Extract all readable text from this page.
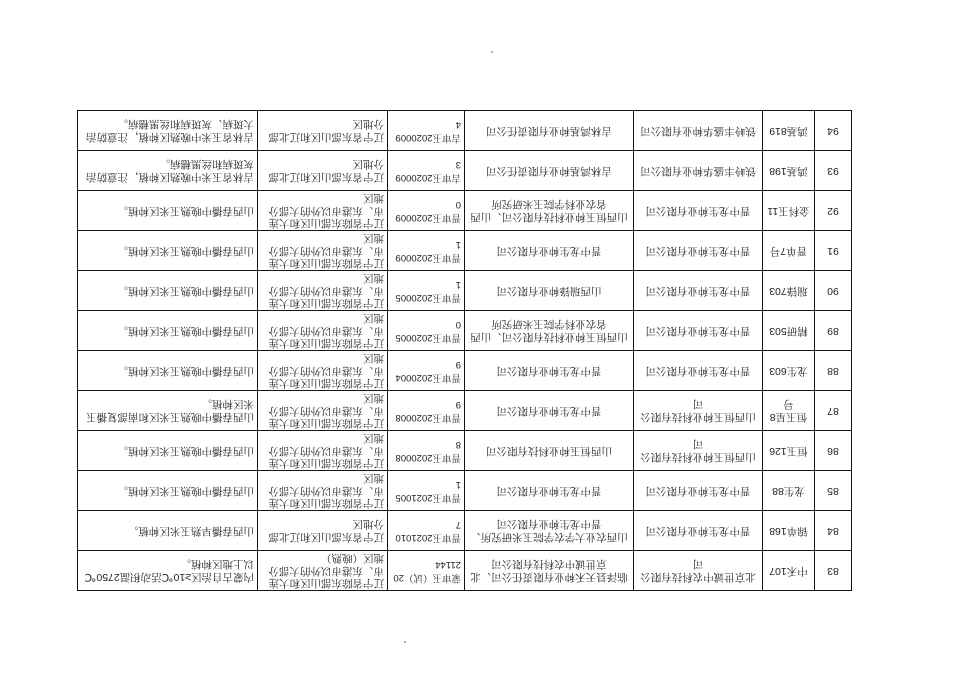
83	中禾107	北京世诚中农科技有限公司	临泽县天禾种业有限责任公司、北京世诚中农科技有限公司	蒙审玉（试）2021144	辽宁省除东部山区和大连市、东港市以外的大部分地区（晚熟）	内蒙古自治区≥10℃活动积温2750℃以上地区种植。
84	锦单168	晋中龙生种业有限公司	山西农业大学农学院玉米研究所、晋中龙生种业有限公司	晋审玉20210107	辽宁省东部山区和辽北部分地区	山西春播早熟玉米区种植。
85	龙生88	晋中龙生种业有限公司	晋中龙生种业有限公司	晋审玉20210051	辽宁省除东部山区和大连市、东港市以外的大部分地区	山西春播中晚熟玉米区种植。
86	恒玉126	山西恒玉种业科技有限公司	山西恒玉种业科技有限公司	晋审玉20200088	辽宁省除东部山区和大连市、东港市以外的大部分地区	山西春播中晚熟玉米区种植。
87	恒玉星8号	山西恒玉种业科技有限公司	晋中龙生种业有限公司	晋审玉20200089	辽宁省除东部山区和大连市、东港市以外的大部分地区	山西春播中晚熟玉米区和南部复播玉米区种植。
88	龙生603	晋中龙生种业有限公司	晋中龙生种业有限公司	晋审玉20200049	辽宁省除东部山区和大连市、东港市以外的大部分地区	山西春播中晚熟玉米区种植。
89	精研503	晋中龙生种业有限公司	山西恒玉种业科技有限公司、山西省农业科学院玉米研究所	晋审玉20200050	辽宁省除东部山区和大连市、东港市以外的大部分地区	山西春播中晚熟玉米区种植。
90	瑞锋703	晋中龙生种业有限公司	山西瑞锋种业有限公司	晋审玉20200051	辽宁省除东部山区和大连市、东港市以外的大部分地区	山西春播中晚熟玉米区种植。
91	晋单7号	晋中龙生种业有限公司	晋中龙生种业有限公司	晋审玉20200091	辽宁省除东部山区和大连市、东港市以外的大部分地区	山西春播中晚熟玉米区种植。
92	金科玉11	晋中龙生种业有限公司	山西恒玉种业科技有限公司、山西省农业科学院玉米研究所	晋审玉20200090	辽宁省除东部山区和大连市、东港市以外的大部分地区	山西春播中晚熟玉米区种植。
93	鸿基198	铁岭丰盛华种业有限公司	吉林鸿基种业有限责任公司	吉审玉20200093	辽宁省东部山区和辽北部分地区	吉林省玉米中晚熟区种植，注意防治灰斑病和丝黑穗病。
94	鸿基819	铁岭丰盛华种业有限公司	吉林鸿基种业有限责任公司	吉审玉20200094	辽宁省东部山区和辽北部分地区	吉林省玉米中晚熟区种植，注意防治大斑病、灰斑病和丝黑穗病。
